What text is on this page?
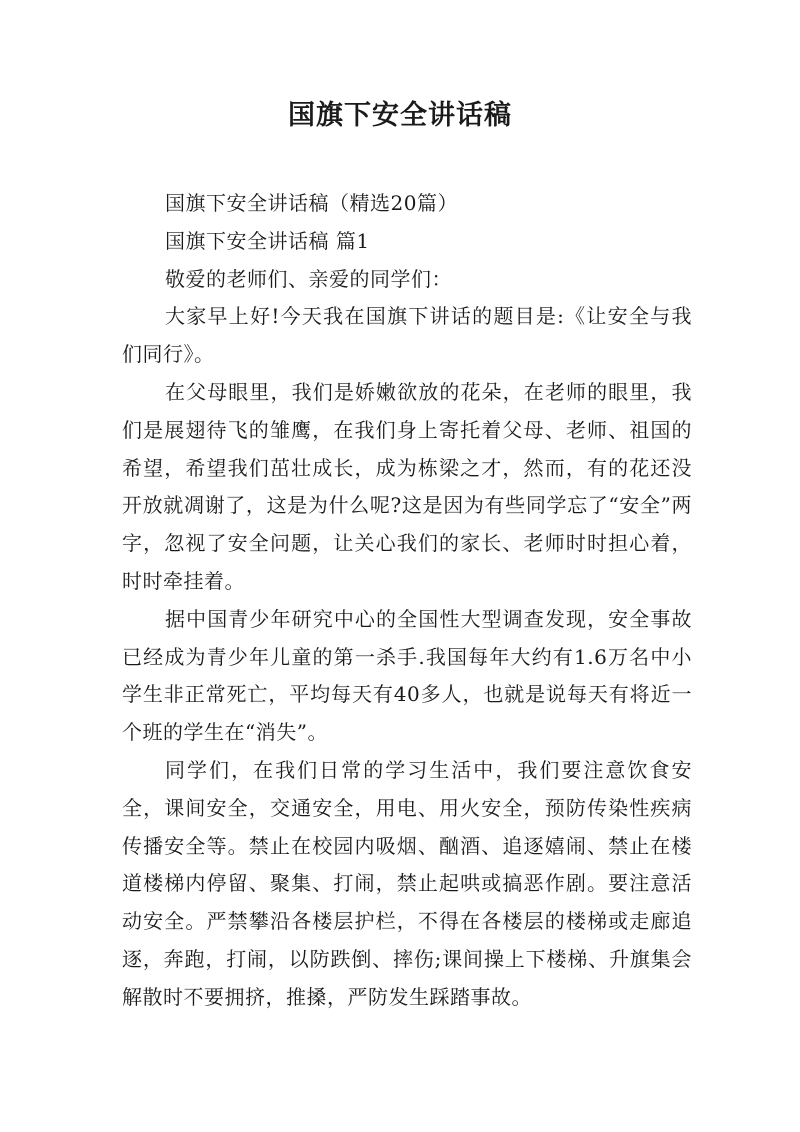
国旗下安全讲话稿

国旗下安全讲话稿（精选20篇）

国旗下安全讲话稿 篇1

敬爱的老师们、亲爱的同学们：

大家早上好!今天我在国旗下讲话的题目是:《让安全与我们同行》。

在父母眼里，我们是娇嫩欲放的花朵，在老师的眼里，我们是展翅待飞的雏鹰，在我们身上寄托着父母、老师、祖国的希望，希望我们茁壮成长，成为栋梁之才，然而，有的花还没开放就凋谢了，这是为什么呢?这是因为有些同学忘了“安全”两字，忽视了安全问题，让关心我们的家长、老师时时担心着，时时牵挂着。

据中国青少年研究中心的全国性大型调查发现，安全事故已经成为青少年儿童的第一杀手.我国每年大约有1.6万名中小学生非正常死亡，平均每天有40多人，也就是说每天有将近一个班的学生在“消失”。

同学们，在我们日常的学习生活中，我们要注意饮食安全，课间安全，交通安全，用电、用火安全，预防传染性疾病传播安全等。禁止在校园内吸烟、酗酒、追逐嬉闹、禁止在楼道楼梯内停留、聚集、打闹，禁止起哄或搞恶作剧。要注意活动安全。严禁攀沿各楼层护栏，不得在各楼层的楼梯或走廊追逐，奔跑，打闹，以防跌倒、摔伤;课间操上下楼梯、升旗集会解散时不要拥挤，推搡，严防发生踩踏事故。
